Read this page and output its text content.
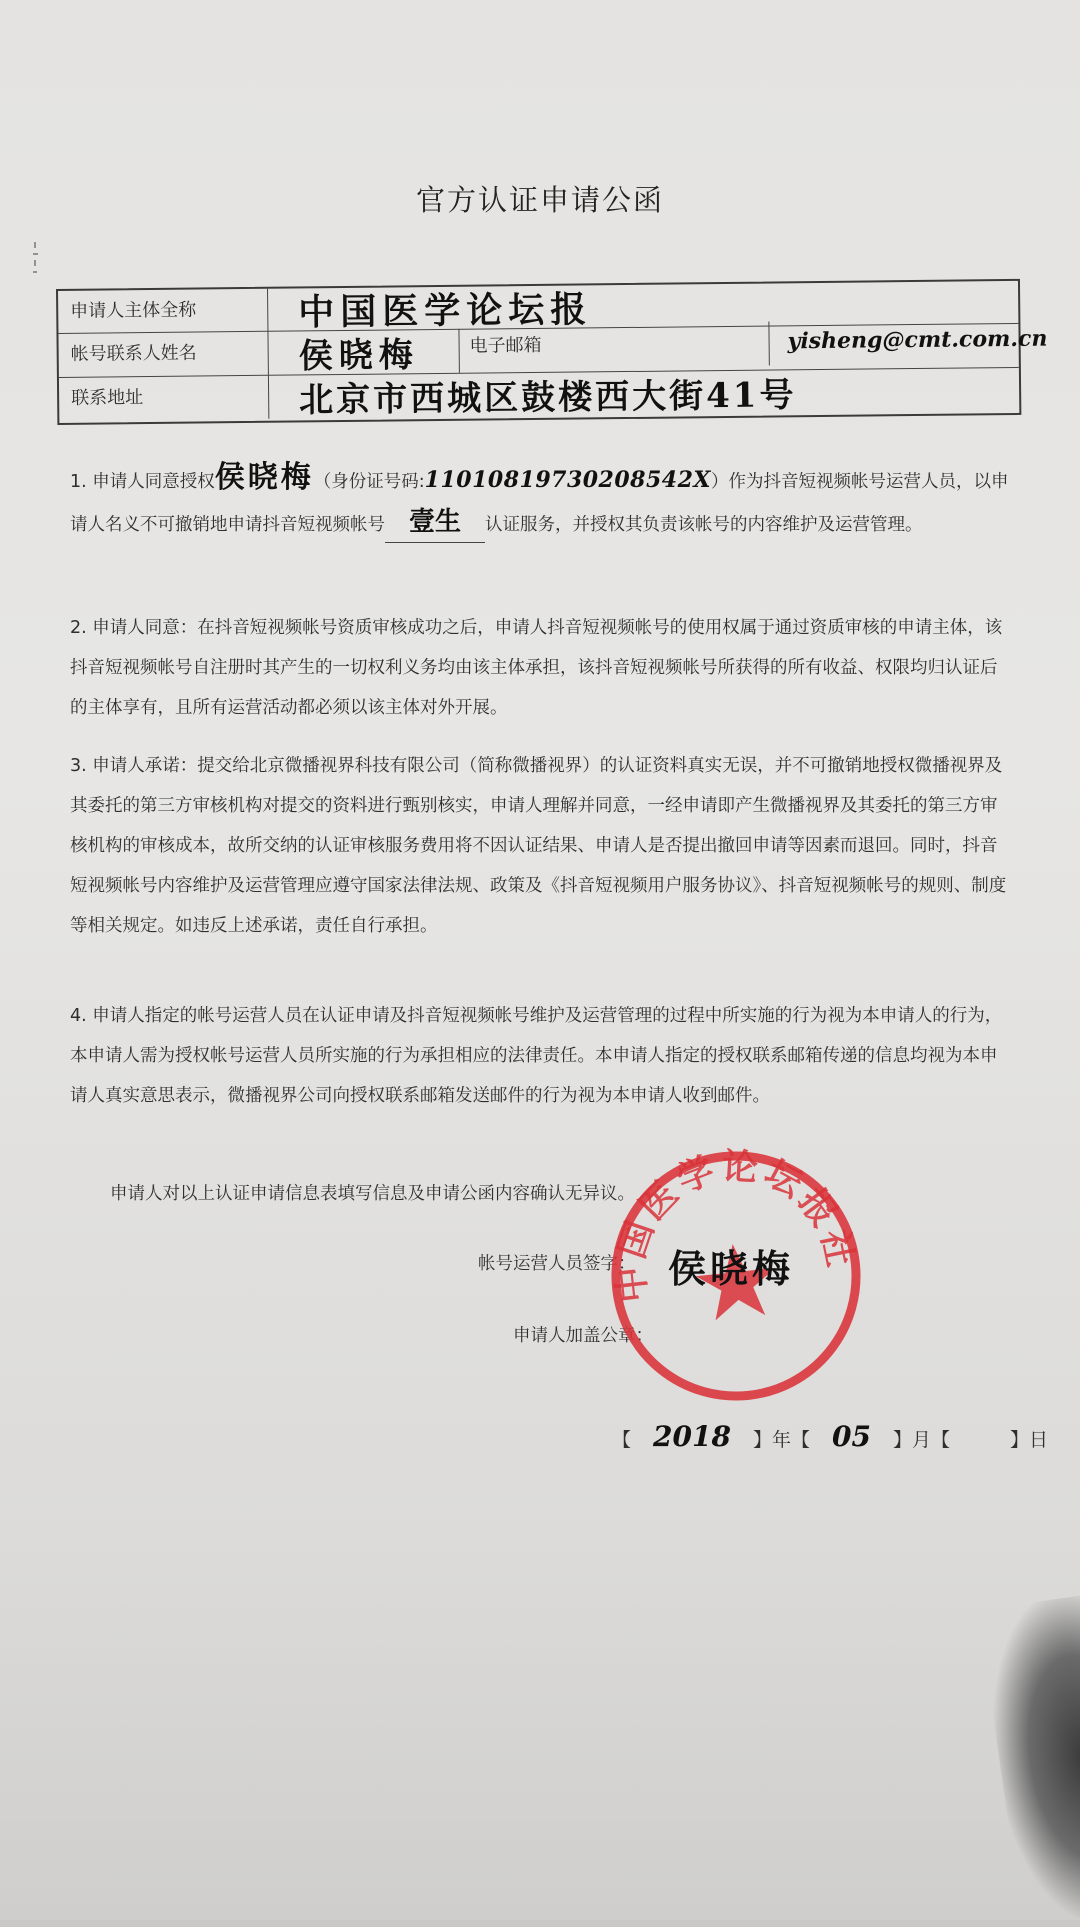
官方认证申请公函
申请人主体全称	中国医学论坛报
帐号联系人姓名	侯晓梅	电子邮箱	yisheng@cmt.com.cn
联系地址	北京市西城区鼓楼西大街41号
1. 申请人同意授权侯晓梅（身份证号码:11010819730208542X）作为抖音短视频帐号运营人员，以申请人名义不可撤销地申请抖音短视频帐号 壹生 认证服务，并授权其负责该帐号的内容维护及运营管理。
2. 申请人同意：在抖音短视频帐号资质审核成功之后，申请人抖音短视频帐号的使用权属于通过资质审核的申请主体，该抖音短视频帐号自注册时其产生的一切权利义务均由该主体承担，该抖音短视频帐号所获得的所有收益、权限均归认证后的主体享有，且所有运营活动都必须以该主体对外开展。
3. 申请人承诺：提交给北京微播视界科技有限公司（简称微播视界）的认证资料真实无误，并不可撤销地授权微播视界及其委托的第三方审核机构对提交的资料进行甄别核实，申请人理解并同意，一经申请即产生微播视界及其委托的第三方审核机构的审核成本，故所交纳的认证审核服务费用将不因认证结果、申请人是否提出撤回申请等因素而退回。同时，抖音短视频帐号内容维护及运营管理应遵守国家法律法规、政策及《抖音短视频用户服务协议》、抖音短视频帐号的规则、制度等相关规定。如违反上述承诺，责任自行承担。
4. 申请人指定的帐号运营人员在认证申请及抖音短视频帐号维护及运营管理的过程中所实施的行为视为本申请人的行为，本申请人需为授权帐号运营人员所实施的行为承担相应的法律责任。本申请人指定的授权联系邮箱传递的信息均视为本申请人真实意思表示，微播视界公司向授权联系邮箱发送邮件的行为视为本申请人收到邮件。
申请人对以上认证申请信息表填写信息及申请公函内容确认无异议。
帐号运营人员签字：
申请人加盖公章：
中国医学论坛报社
侯晓梅
【 2018 】年【 05 】月【	】日
